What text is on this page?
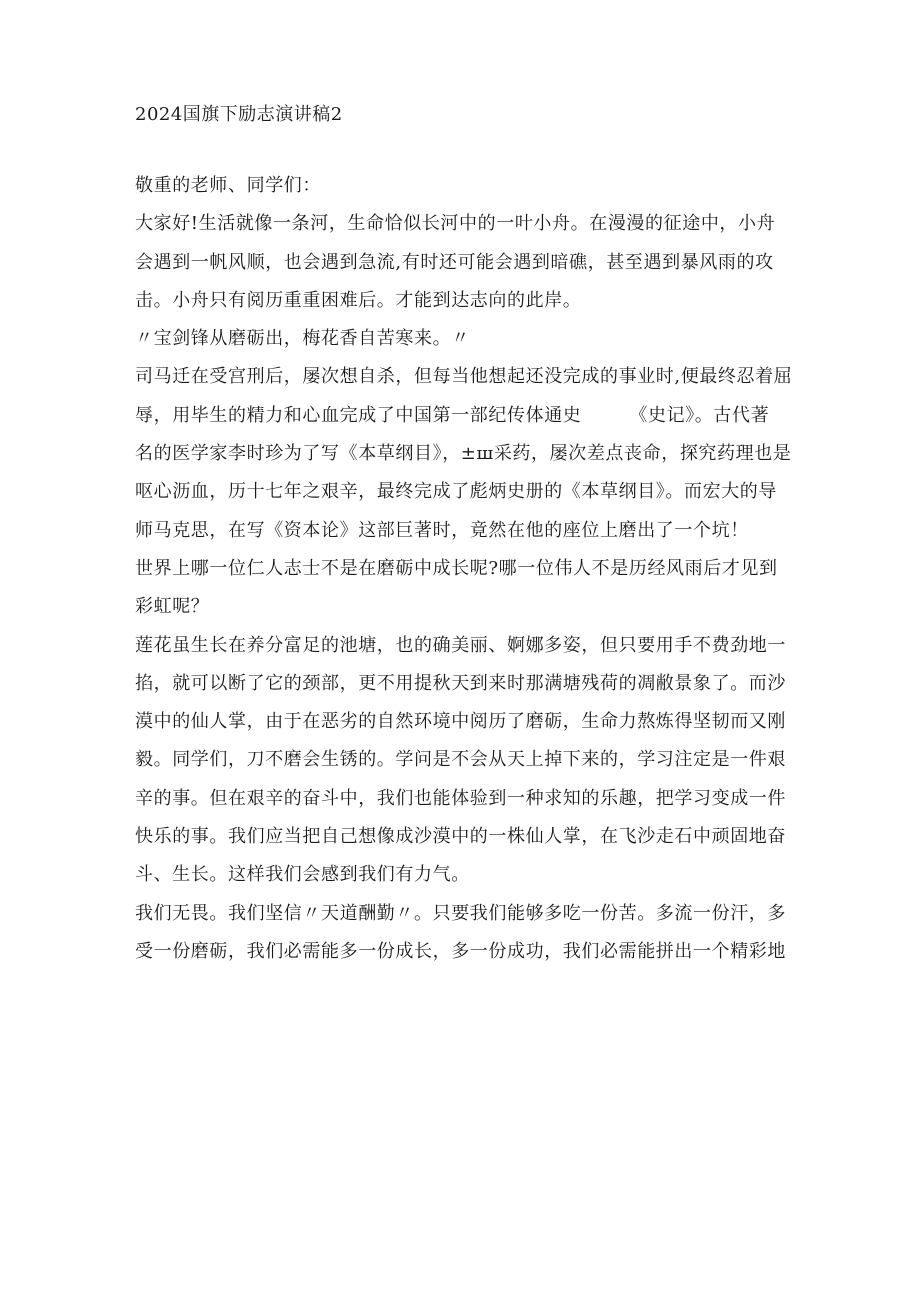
2024国旗下励志演讲稿2
敬重的老师、同学们：
大家好!生活就像一条河，生命恰似长河中的一叶小舟。在漫漫的征途中，小舟
会遇到一帆风顺，也会遇到急流,有时还可能会遇到暗礁，甚至遇到暴风雨的攻
击。小舟只有阅历重重困难后。才能到达志向的此岸。
〃宝剑锋从磨砺出，梅花香自苦寒来。〃
司马迁在受宫刑后，屡次想自杀，但每当他想起还没完成的事业时,便最终忍着屈
辱，用毕生的精力和心血完成了中国第一部纪传体通史	《史记》。古代著
名的医学家李时珍为了写《本草纲目》，±ш采药，屡次差点丧命，探究药理也是
呕心沥血，历十七年之艰辛，最终完成了彪炳史册的《本草纲目》。而宏大的导
师马克思，在写《资本论》这部巨著时，竟然在他的座位上磨出了一个坑！
世界上哪一位仁人志士不是在磨砺中成长呢?哪一位伟人不是历经风雨后才见到
彩虹呢？
莲花虽生长在养分富足的池塘，也的确美丽、婀娜多姿，但只要用手不费劲地一
掐，就可以断了它的颈部，更不用提秋天到来时那满塘残荷的凋敝景象了。而沙
漠中的仙人掌，由于在恶劣的自然环境中阅历了磨砺，生命力熬炼得坚韧而又刚
毅。同学们，刀不磨会生锈的。学问是不会从天上掉下来的，学习注定是一件艰
辛的事。但在艰辛的奋斗中，我们也能体验到一种求知的乐趣，把学习变成一件
快乐的事。我们应当把自己想像成沙漠中的一株仙人掌，在飞沙走石中顽固地奋
斗、生长。这样我们会感到我们有力气。
我们无畏。我们坚信〃天道酬勤〃。只要我们能够多吃一份苦。多流一份汗，多
受一份磨砺，我们必需能多一份成长，多一份成功，我们必需能拼出一个精彩地
